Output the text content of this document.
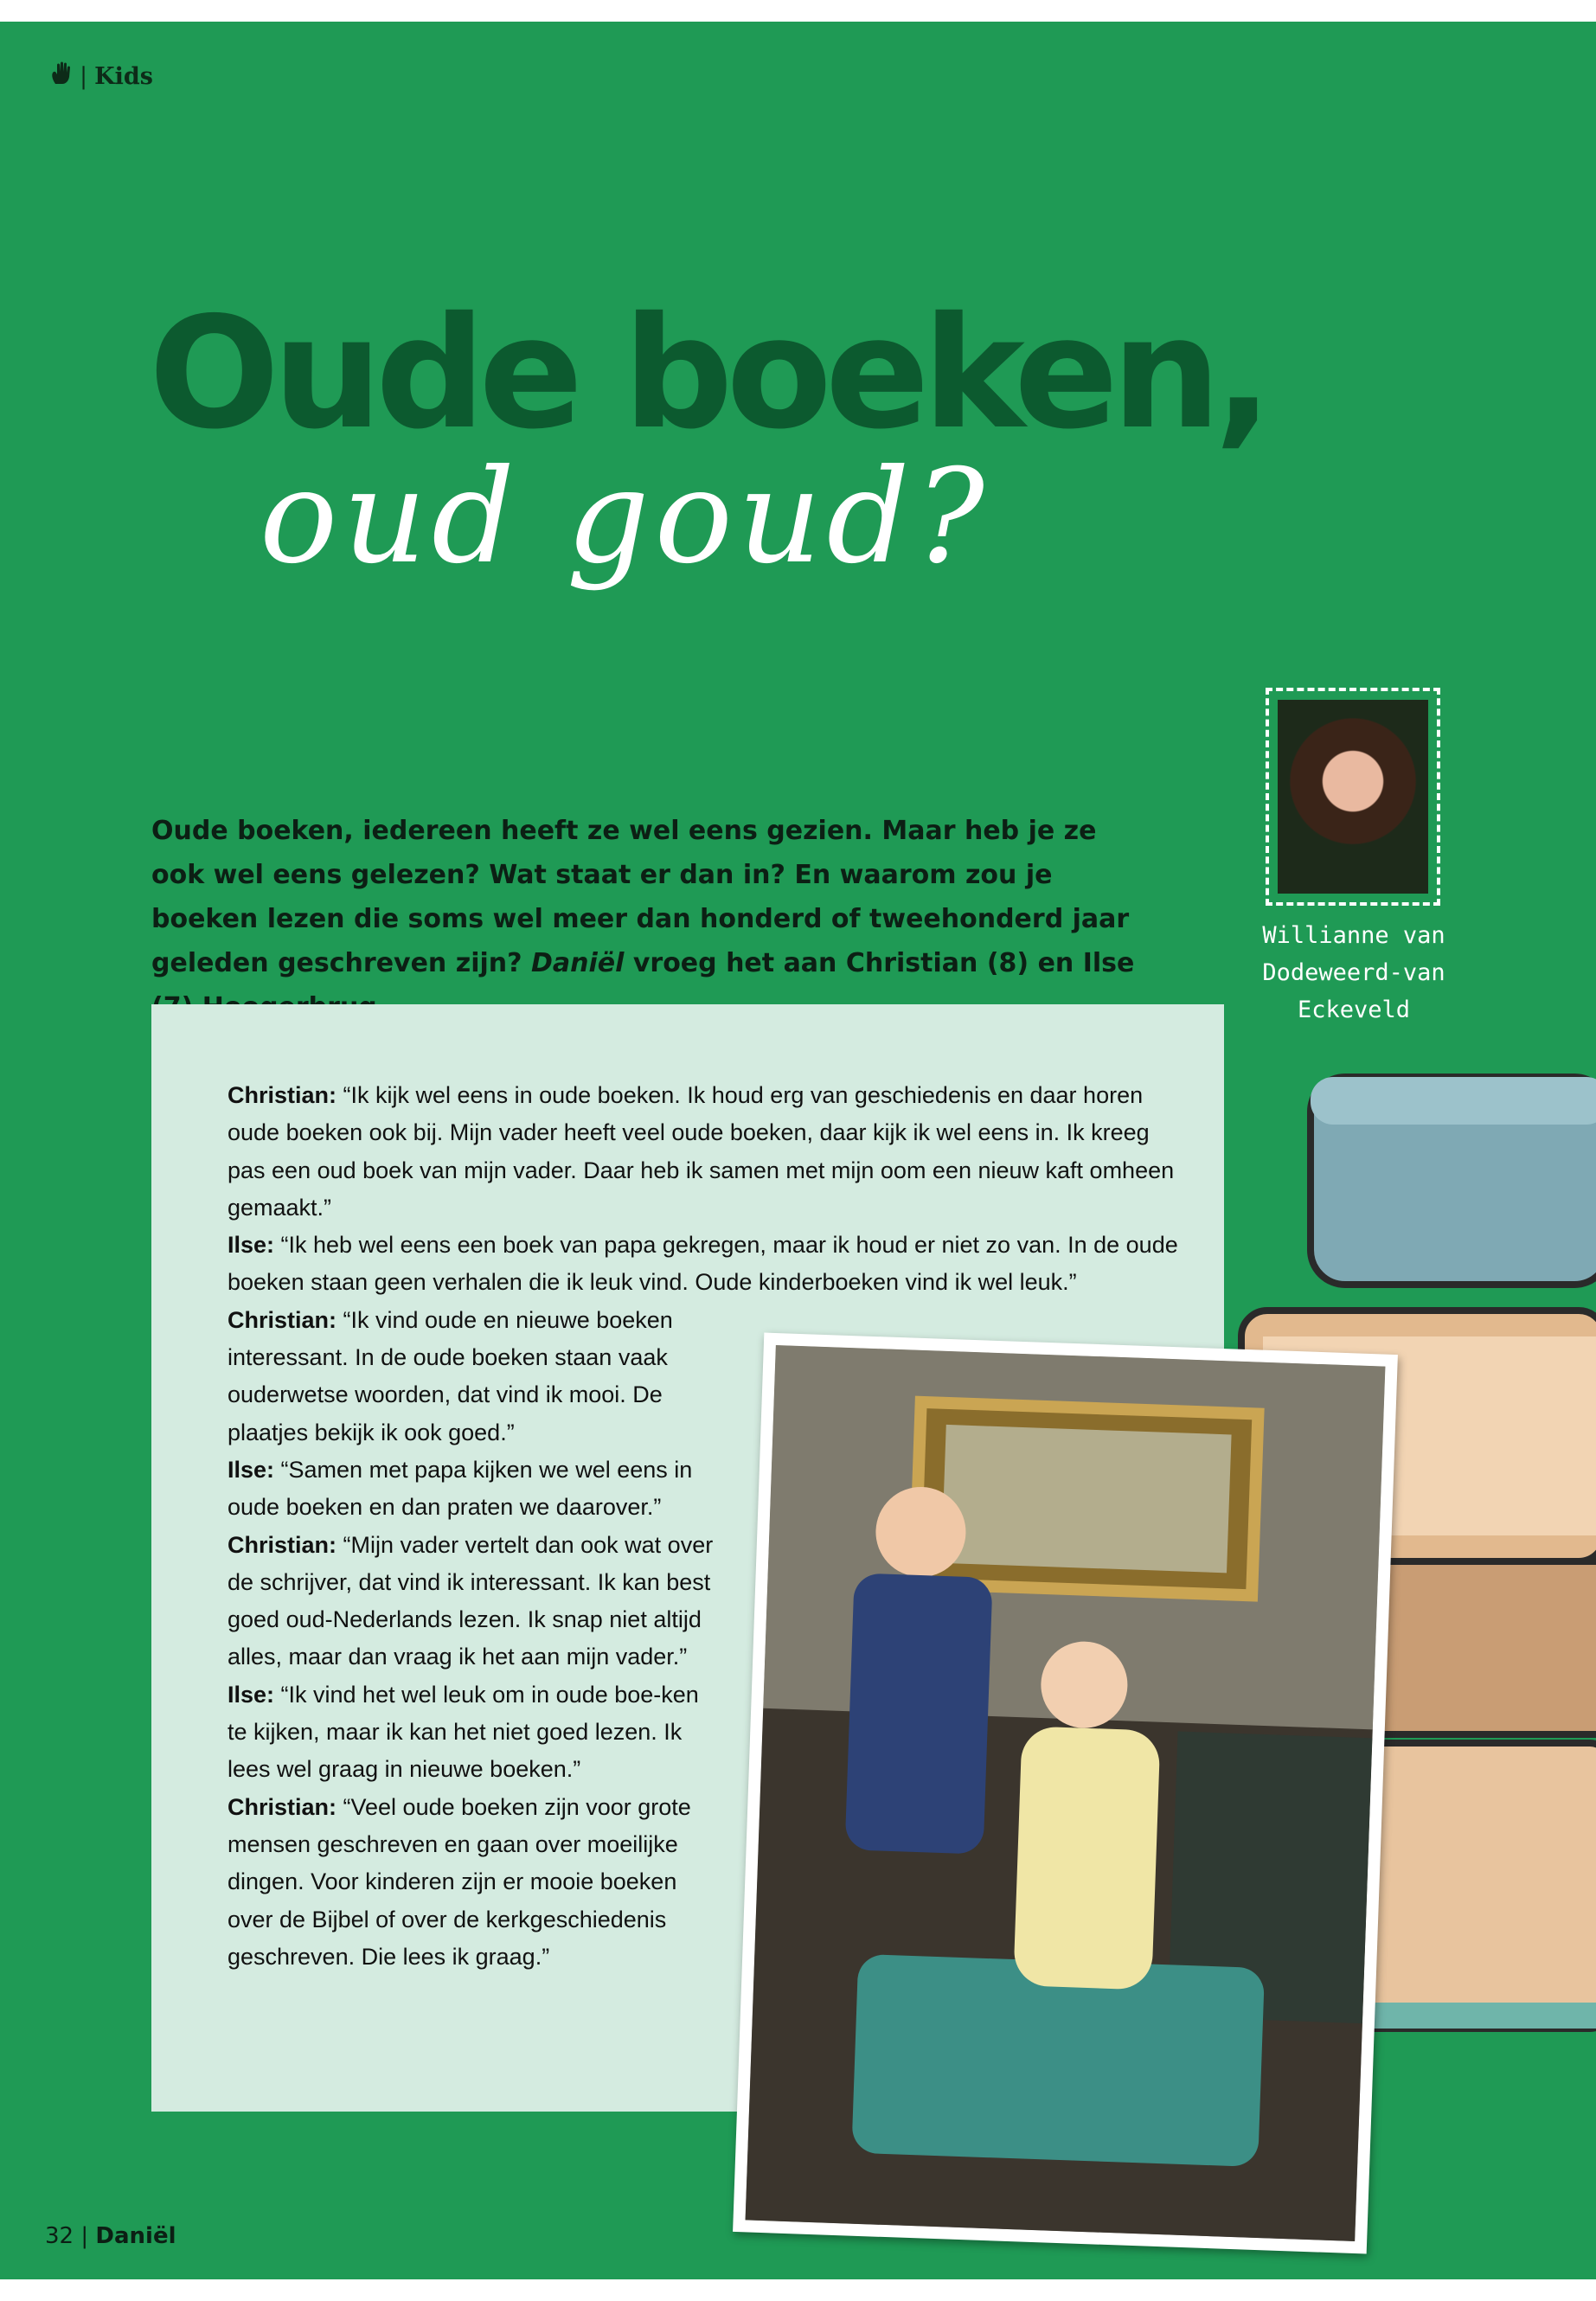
| Kids
Oude boeken,
oud goud?
Oude boeken, iedereen heeft ze wel eens gezien. Maar heb je ze ook wel eens gelezen? Wat staat er dan in? En waarom zou je boeken lezen die soms wel meer dan honderd of tweehonderd jaar geleden geschreven zijn? Daniël vroeg het aan Christian (8) en Ilse
Willianne van
Dodeweerd-van
Eckeveld

Christian: “Ik kijk wel eens in oude boeken. Ik houd erg van geschiedenis en daar horen oude boeken ook bij. Mijn vader heeft veel oude boeken, daar kijk ik wel eens in. Ik kreeg pas een oud boek van mijn vader. Daar heb ik samen met mijn oom een nieuw kaft omheen gemaakt.”

Ilse: “Ik heb wel eens een boek van papa gekregen, maar ik houd er niet zo van. In de oude boeken staan geen verhalen die ik leuk vind. Oude kinderboeken vind ik wel leuk.”

Christian: “Ik vind oude en nieuwe boeken interessant. In de oude boeken staan vaak ouderwetse woorden, dat vind ik mooi. De plaatjes bekijk ik ook goed.”

Ilse: “Samen met papa kijken we wel eens in oude boeken en dan praten we daarover.”

Christian: “Mijn vader vertelt dan ook wat over de schrijver, dat vind ik interessant. Ik kan best goed oud-Nederlands lezen. Ik snap niet altijd alles, maar dan vraag ik het aan mijn vader.”

Ilse: “Ik vind het wel leuk om in oude boe-ken te kijken, maar ik kan het niet goed lezen. Ik lees wel graag in nieuwe boeken.”

Christian: “Veel oude boeken zijn voor grote mensen geschreven en gaan over moeilijke dingen. Voor kinderen zijn er mooie boeken over de Bijbel of over de kerkgeschiedenis geschreven. Die lees ik graag.”

32 | Daniël
